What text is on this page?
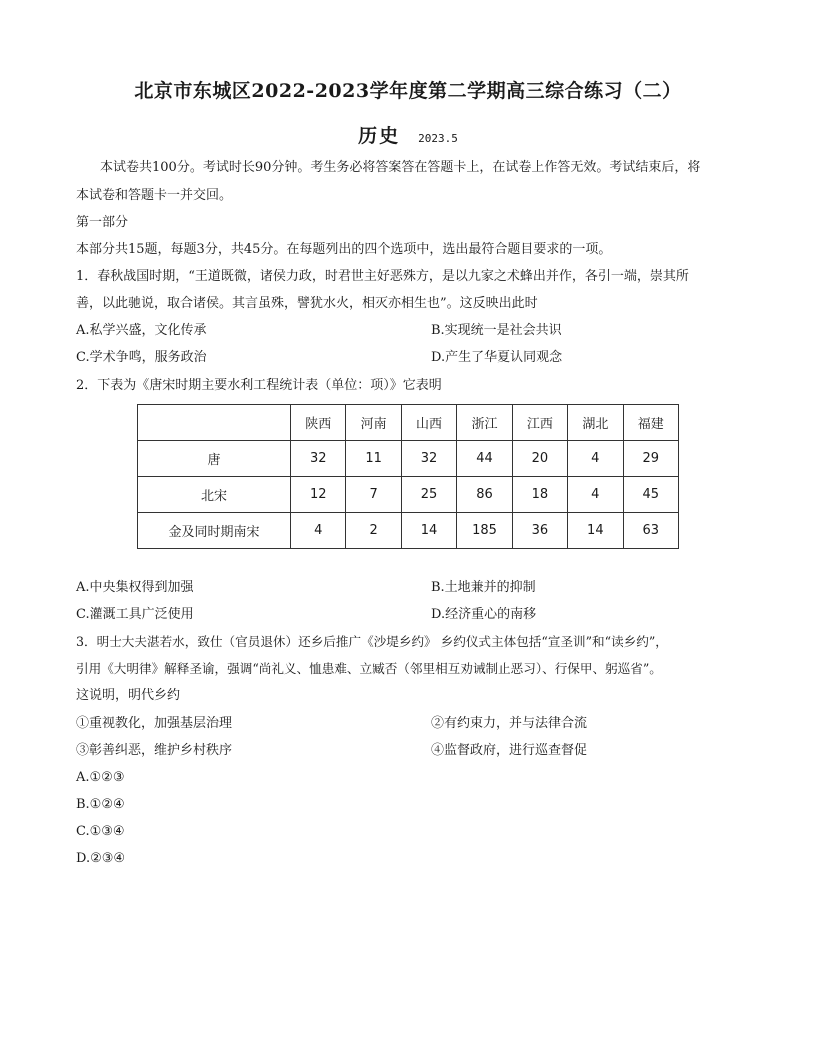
北京市东城区2022-2023学年度第二学期高三综合练习（二）
历史 2023.5
本试卷共100分。考试时长90分钟。考生务必将答案答在答题卡上，在试卷上作答无效。考试结束后，将
本试卷和答题卡一并交回。
第一部分
本部分共15题，每题3分，共45分。在每题列出的四个选项中，选出最符合题目要求的一项。
1．春秋战国时期，“王道既微，诸侯力政，时君世主好恶殊方，是以九家之术蜂出并作，各引一端，崇其所
善，以此驰说，取合诸侯。其言虽殊，譬犹水火，相灭亦相生也”。这反映出此时
A.私学兴盛，文化传承	B.实现统一是社会共识
C.学术争鸣，服务政治	D.产生了华夏认同观念
2．下表为《唐宋时期主要水利工程统计表（单位：项）》它表明
	陕西	河南	山西	浙江	江西	湖北	福建
唐	32	11	32	44	20	4	29
北宋	12	7	25	86	18	4	45
金及同时期南宋	4	2	14	185	36	14	63
A.中央集权得到加强	B.土地兼并的抑制
C.灌溉工具广泛使用	D.经济重心的南移
3．明士大夫湛若水，致仕（官员退休）还乡后推广《沙堤乡约》 乡约仪式主体包括“宣圣训”和“读乡约”，
引用《大明律》解释圣谕，强调“尚礼义、恤患难、立臧否（邻里相互劝诫制止恶习）、行保甲、躬巡省”。
这说明，明代乡约
①重视教化，加强基层治理	②有约束力，并与法律合流
③彰善纠恶，维护乡村秩序	④监督政府，进行巡查督促
A.①②③
B.①②④
C.①③④
D.②③④
